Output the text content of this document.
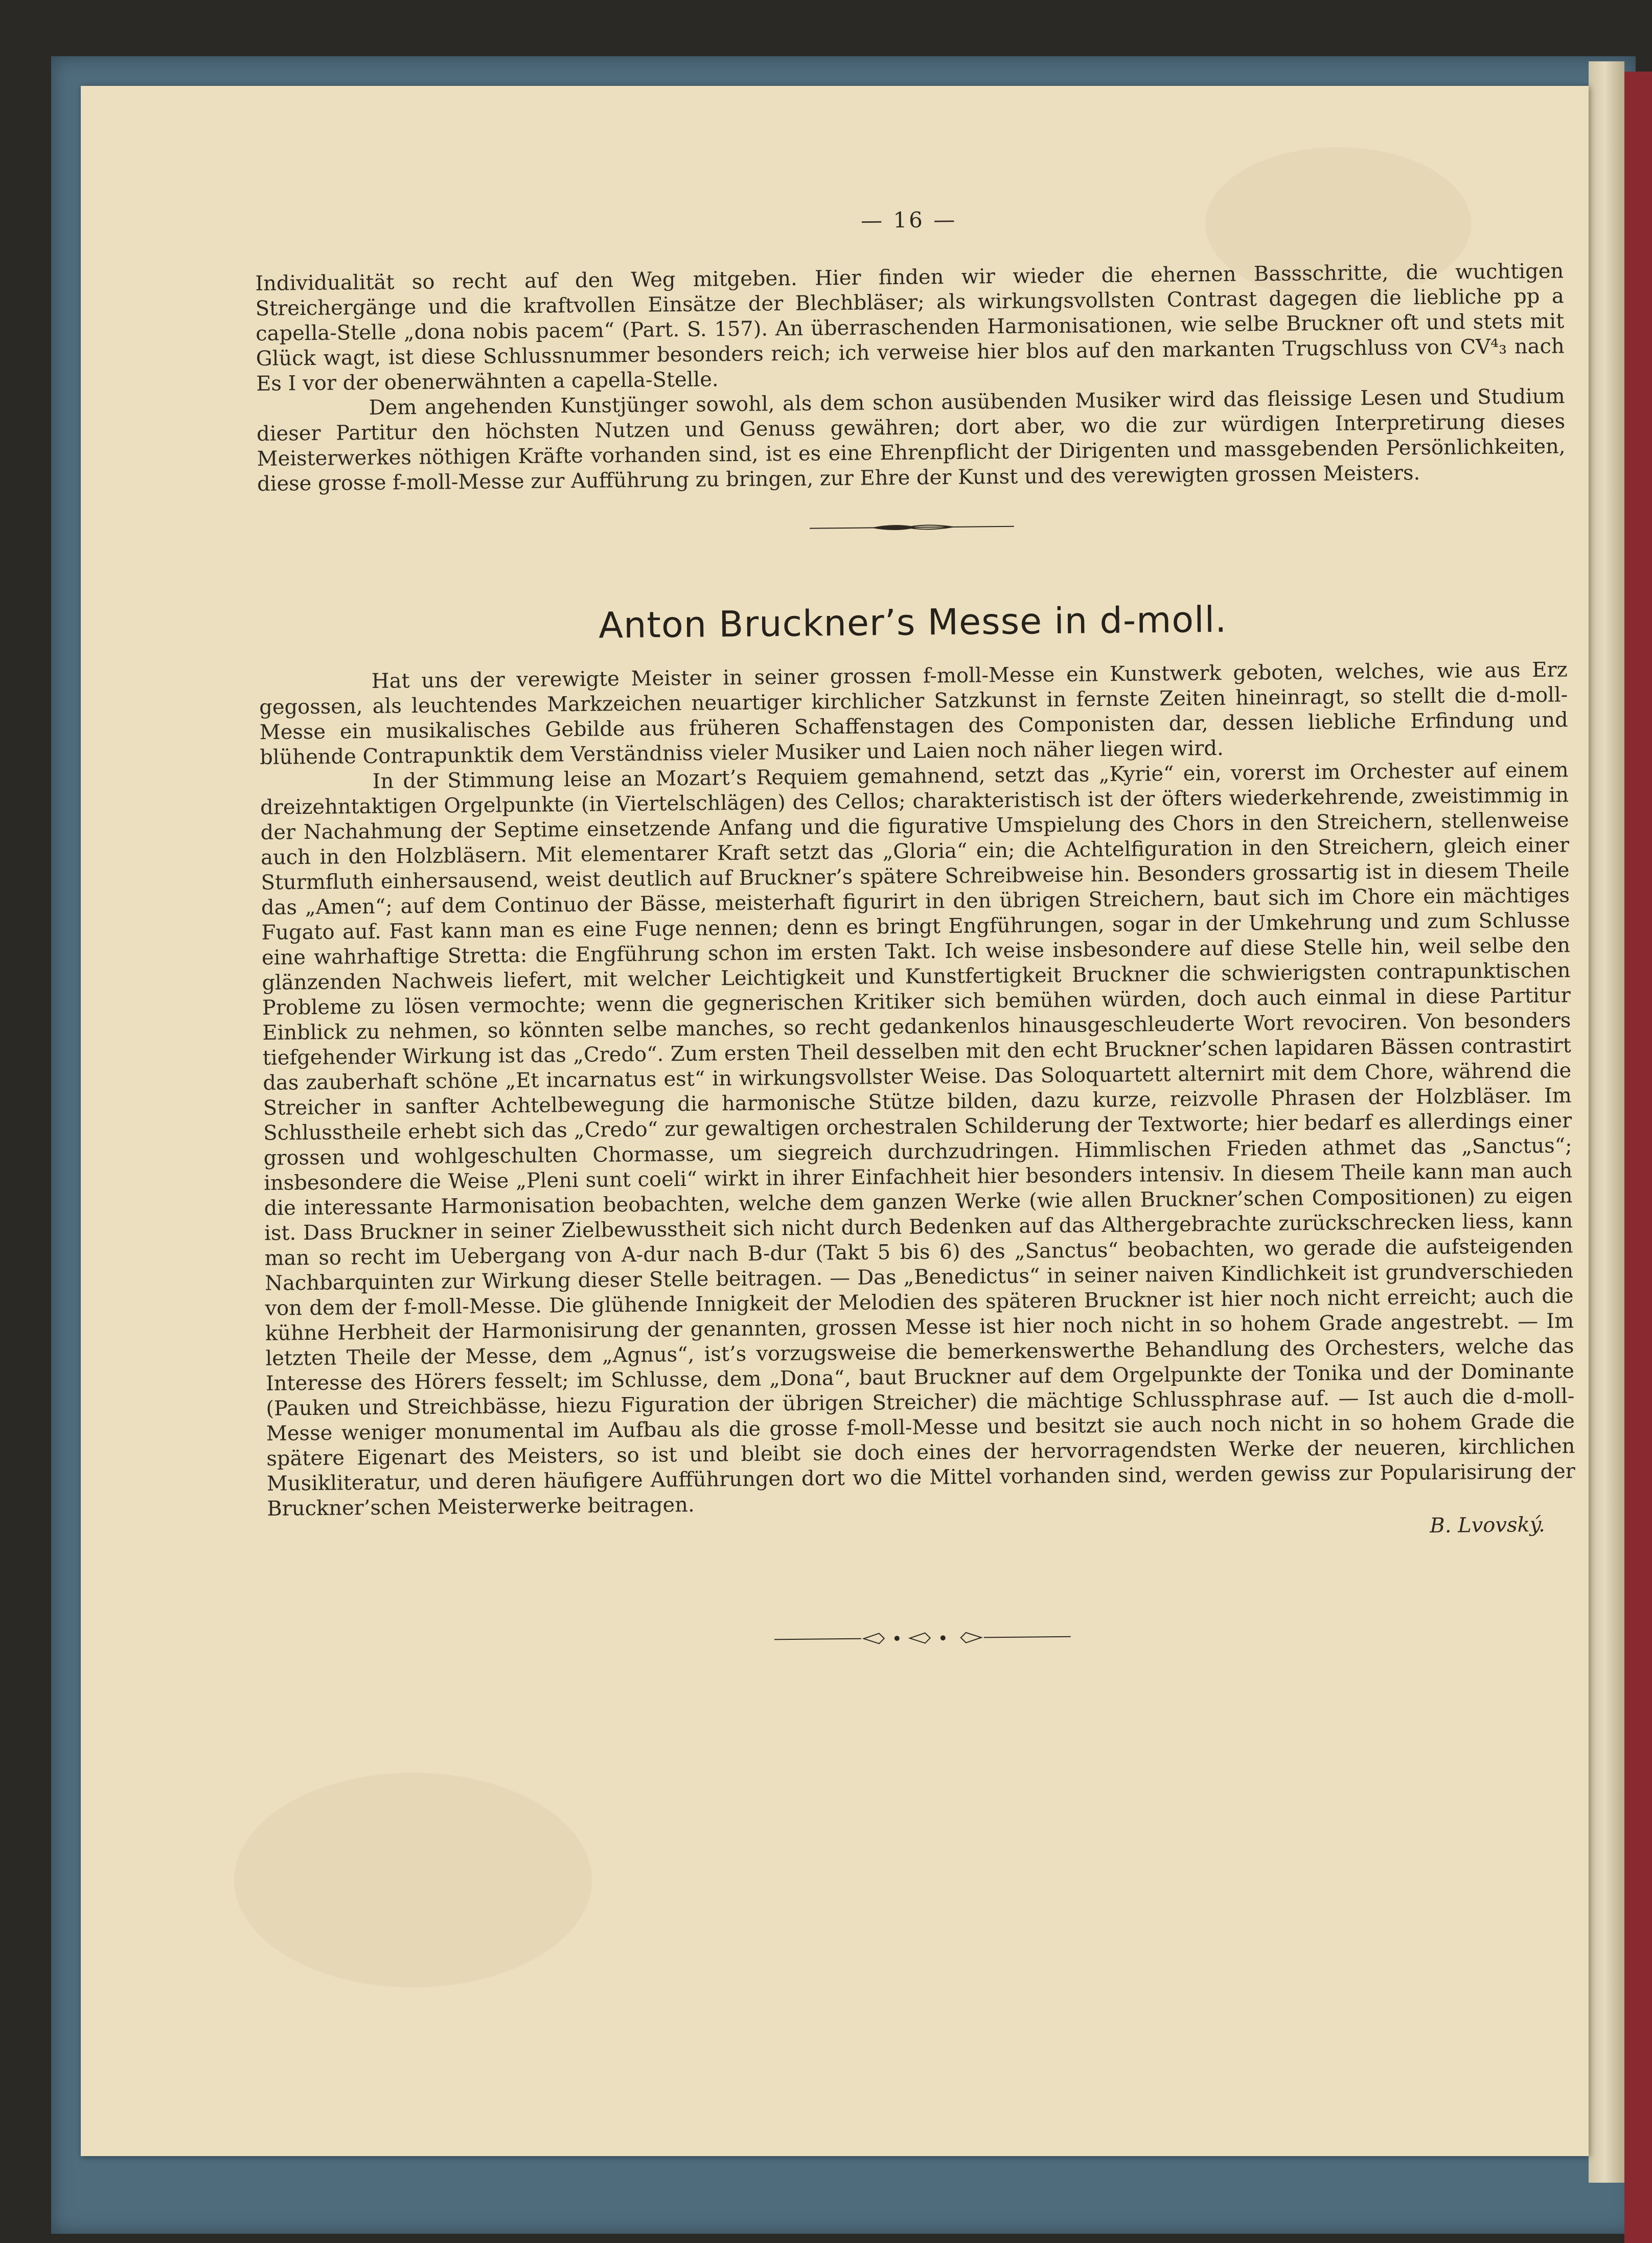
— 16 —

Individualität so recht auf den Weg mitgeben. Hier finden wir wieder die ehernen Bassschritte, die wuchtigen Streichergänge und die kraftvollen Einsätze der Blechbläser; als wirkungsvollsten Contrast dagegen die liebliche pp a capella-Stelle „dona nobis pacem“ (Part. S. 157). An überraschenden Harmonisationen, wie selbe Bruckner oft und stets mit Glück wagt, ist diese Schlussnummer besonders reich; ich verweise hier blos auf den markanten Trugschluss von CV⁴₃ nach Es I vor der obenerwähnten a capella-Stelle.

Dem angehenden Kunstjünger sowohl, als dem schon ausübenden Musiker wird das fleissige Lesen und Studium dieser Partitur den höchsten Nutzen und Genuss gewähren; dort aber, wo die zur würdigen Interpretirung dieses Meisterwerkes nöthigen Kräfte vorhanden sind, ist es eine Ehrenpflicht der Dirigenten und massgebenden Persönlichkeiten, diese grosse f-moll-Messe zur Aufführung zu bringen, zur Ehre der Kunst und des verewigten grossen Meisters.

Anton Bruckner’s Messe in d-moll.

Hat uns der verewigte Meister in seiner grossen f-moll-Messe ein Kunstwerk geboten, welches, wie aus Erz gegossen, als leuchtendes Markzeichen neuartiger kirchlicher Satzkunst in fernste Zeiten hineinragt, so stellt die d-moll-Messe ein musikalisches Gebilde aus früheren Schaffenstagen des Componisten dar, dessen liebliche Erfindung und blühende Contrapunktik dem Verständniss vieler Musiker und Laien noch näher liegen wird.

In der Stimmung leise an Mozart’s Requiem gemahnend, setzt das „Kyrie“ ein, vorerst im Orchester auf einem dreizehntaktigen Orgelpunkte (in Viertelschlägen) des Cellos; charakteristisch ist der öfters wiederkehrende, zweistimmig in der Nachahmung der Septime einsetzende Anfang und die figurative Umspielung des Chors in den Streichern, stellenweise auch in den Holzbläsern. Mit elementarer Kraft setzt das „Gloria“ ein; die Achtelfiguration in den Streichern, gleich einer Sturmfluth einhersausend, weist deutlich auf Bruckner’s spätere Schreibweise hin. Besonders grossartig ist in diesem Theile das „Amen“; auf dem Continuo der Bässe, meisterhaft figurirt in den übrigen Streichern, baut sich im Chore ein mächtiges Fugato auf. Fast kann man es eine Fuge nennen; denn es bringt Engführungen, sogar in der Umkehrung und zum Schlusse eine wahrhaftige Stretta: die Engführung schon im ersten Takt. Ich weise insbesondere auf diese Stelle hin, weil selbe den glänzenden Nachweis liefert, mit welcher Leichtigkeit und Kunstfertigkeit Bruckner die schwierigsten contrapunktischen Probleme zu lösen vermochte; wenn die gegnerischen Kritiker sich bemühen würden, doch auch einmal in diese Partitur Einblick zu nehmen, so könnten selbe manches, so recht gedankenlos hinausgeschleuderte Wort revociren. Von besonders tiefgehender Wirkung ist das „Credo“. Zum ersten Theil desselben mit den echt Bruckner’schen lapidaren Bässen contrastirt das zauberhaft schöne „Et incarnatus est“ in wirkungsvollster Weise. Das Soloquartett alternirt mit dem Chore, während die Streicher in sanfter Achtelbewegung die harmonische Stütze bilden, dazu kurze, reizvolle Phrasen der Holzbläser. Im Schlusstheile erhebt sich das „Credo“ zur gewaltigen orchestralen Schilderung der Textworte; hier bedarf es allerdings einer grossen und wohlgeschulten Chormasse, um siegreich durchzudringen. Himmlischen Frieden athmet das „Sanctus“; insbesondere die Weise „Pleni sunt coeli“ wirkt in ihrer Einfachheit hier besonders intensiv. In diesem Theile kann man auch die interessante Harmonisation beobachten, welche dem ganzen Werke (wie allen Bruckner’schen Compositionen) zu eigen ist. Dass Bruckner in seiner Zielbewusstheit sich nicht durch Bedenken auf das Althergebrachte zurückschrecken liess, kann man so recht im Uebergang von A-dur nach B-dur (Takt 5 bis 6) des „Sanctus“ beobachten, wo gerade die aufsteigenden Nachbarquinten zur Wirkung dieser Stelle beitragen. — Das „Benedictus“ in seiner naiven Kindlichkeit ist grundverschieden von dem der f-moll-Messe. Die glühende Innigkeit der Melodien des späteren Bruckner ist hier noch nicht erreicht; auch die kühne Herbheit der Harmonisirung der genannten, grossen Messe ist hier noch nicht in so hohem Grade angestrebt. — Im letzten Theile der Messe, dem „Agnus“, ist’s vorzugsweise die bemerkenswerthe Behandlung des Orchesters, welche das Interesse des Hörers fesselt; im Schlusse, dem „Dona“, baut Bruckner auf dem Orgelpunkte der Tonika und der Dominante (Pauken und Streichbässe, hiezu Figuration der übrigen Streicher) die mächtige Schlussphrase auf. — Ist auch die d-moll-Messe weniger monumental im Aufbau als die grosse f-moll-Messe und besitzt sie auch noch nicht in so hohem Grade die spätere Eigenart des Meisters, so ist und bleibt sie doch eines der hervorragendsten Werke der neueren, kirchlichen Musikliteratur, und deren häufigere Aufführungen dort wo die Mittel vorhanden sind, werden gewiss zur Popularisirung der Bruckner’schen Meisterwerke beitragen.

B. Lvovský.
